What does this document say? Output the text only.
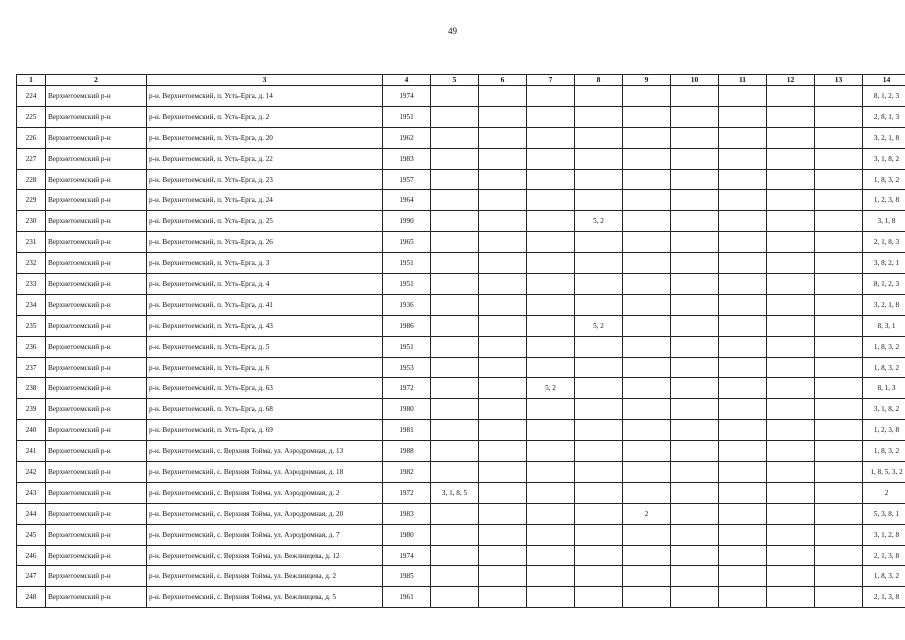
49
1	2	3	4	5	6	7	8	9	10	11	12	13	14
224	Верхнетоемский р-н	р-н. Верхнетоемский, п. Усть-Ерга, д. 14	1974										8, 1, 2, 3
225	Верхнетоемский р-н	р-н. Верхнетоемский, п. Усть-Ерга, д. 2	1951										2, 8, 1, 3
226	Верхнетоемский р-н	р-н. Верхнетоемский, п. Усть-Ерга, д. 20	1962										3, 2, 1, 8
227	Верхнетоемский р-н	р-н. Верхнетоемский, п. Усть-Ерга, д. 22	1983										3, 1, 8, 2
228	Верхнетоемский р-н	р-н. Верхнетоемский, п. Усть-Ерга, д. 23	1957										1, 8, 3, 2
229	Верхнетоемский р-н	р-н. Верхнетоемский, п. Усть-Ерга, д. 24	1964										1, 2, 3, 8
230	Верхнетоемский р-н	р-н. Верхнетоемский, п. Усть-Ерга, д. 25	1990				5, 2						3, 1, 8
231	Верхнетоемский р-н	р-н. Верхнетоемский, п. Усть-Ерга, д. 26	1965										2, 1, 8, 3
232	Верхнетоемский р-н	р-н. Верхнетоемский, п. Усть-Ерга, д. 3	1951										3, 8, 2, 1
233	Верхнетоемский р-н	р-н. Верхнетоемский, п. Усть-Ерга, д. 4	1951										8, 1, 2, 3
234	Верхнетоемский р-н	р-н. Верхнетоемский, п. Усть-Ерга, д. 41	1936										3, 2, 1, 8
235	Верхнетоемский р-н	р-н. Верхнетоемский, п. Усть-Ерга, д. 43	1986				5, 2						8, 3, 1
236	Верхнетоемский р-н	р-н. Верхнетоемский, п. Усть-Ерга, д. 5	1951										1, 8, 3, 2
237	Верхнетоемский р-н	р-н. Верхнетоемский, п. Усть-Ерга, д. 6	1953										1, 8, 3, 2
238	Верхнетоемский р-н	р-н. Верхнетоемский, п. Усть-Ерга, д. 63	1972			5, 2							8, 1, 3
239	Верхнетоемский р-н	р-н. Верхнетоемский, п. Усть-Ерга, д. 68	1980										3, 1, 8, 2
240	Верхнетоемский р-н	р-н. Верхнетоемский, п. Усть-Ерга, д. 69	1981										1, 2, 3, 8
241	Верхнетоемский р-н	р-н. Верхнетоемский, с. Верхняя Тойма, ул. Аэродромная, д. 13	1988										1, 8, 3, 2
242	Верхнетоемский р-н	р-н. Верхнетоемский, с. Верхняя Тойма, ул. Аэродромная, д. 18	1982										1, 8, 5, 3, 2
243	Верхнетоемский р-н	р-н. Верхнетоемский, с. Верхняя Тойма, ул. Аэродромная, д. 2	1972	3, 1, 8, 5									2
244	Верхнетоемский р-н	р-н. Верхнетоемский, с. Верхняя Тойма, ул. Аэродромная, д. 20	1983					2					5, 3, 8, 1
245	Верхнетоемский р-н	р-н. Верхнетоемский, с. Верхняя Тойма, ул. Аэродромная, д. 7	1980										3, 1, 2, 8
246	Верхнетоемский р-н	р-н. Верхнетоемский, с. Верхняя Тойма, ул. Вежливцева, д. 12	1974										2, 1, 3, 8
247	Верхнетоемский р-н	р-н. Верхнетоемский, с. Верхняя Тойма, ул. Вежливцева, д. 2	1985										1, 8, 3, 2
248	Верхнетоемский р-н	р-н. Верхнетоемский, с. Верхняя Тойма, ул. Вежливцева, д. 5	1961										2, 1, 3, 8
